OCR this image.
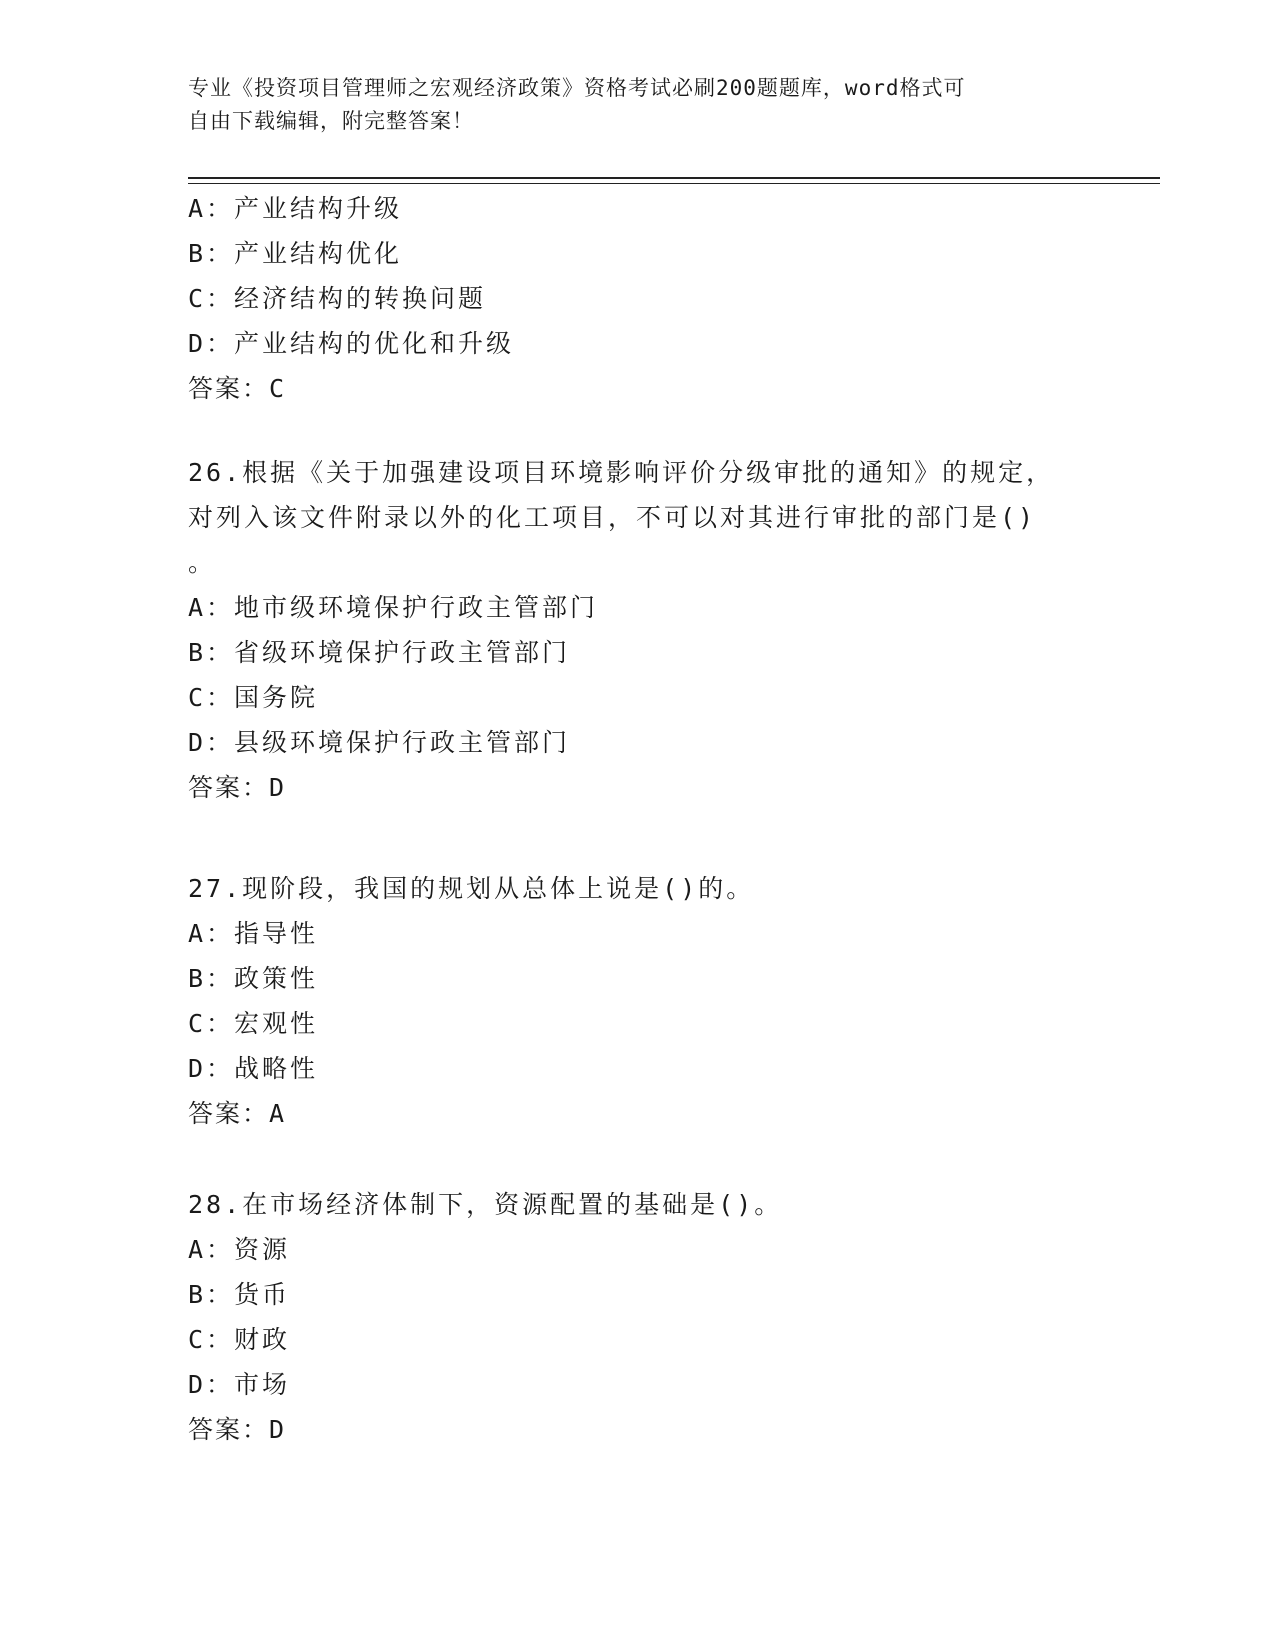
专业《投资项目管理师之宏观经济政策》资格考试必刷200题题库，word格式可
自由下载编辑，附完整答案！
A：产业结构升级
B：产业结构优化
C：经济结构的转换问题
D：产业结构的优化和升级
答案：C
26.根据《关于加强建设项目环境影响评价分级审批的通知》的规定，
对列入该文件附录以外的化工项目，不可以对其进行审批的部门是()
。
A：地市级环境保护行政主管部门
B：省级环境保护行政主管部门
C：国务院
D：县级环境保护行政主管部门
答案：D
27.现阶段，我国的规划从总体上说是()的。
A：指导性
B：政策性
C：宏观性
D：战略性
答案：A
28.在市场经济体制下，资源配置的基础是()。
A：资源
B：货币
C：财政
D：市场
答案：D
